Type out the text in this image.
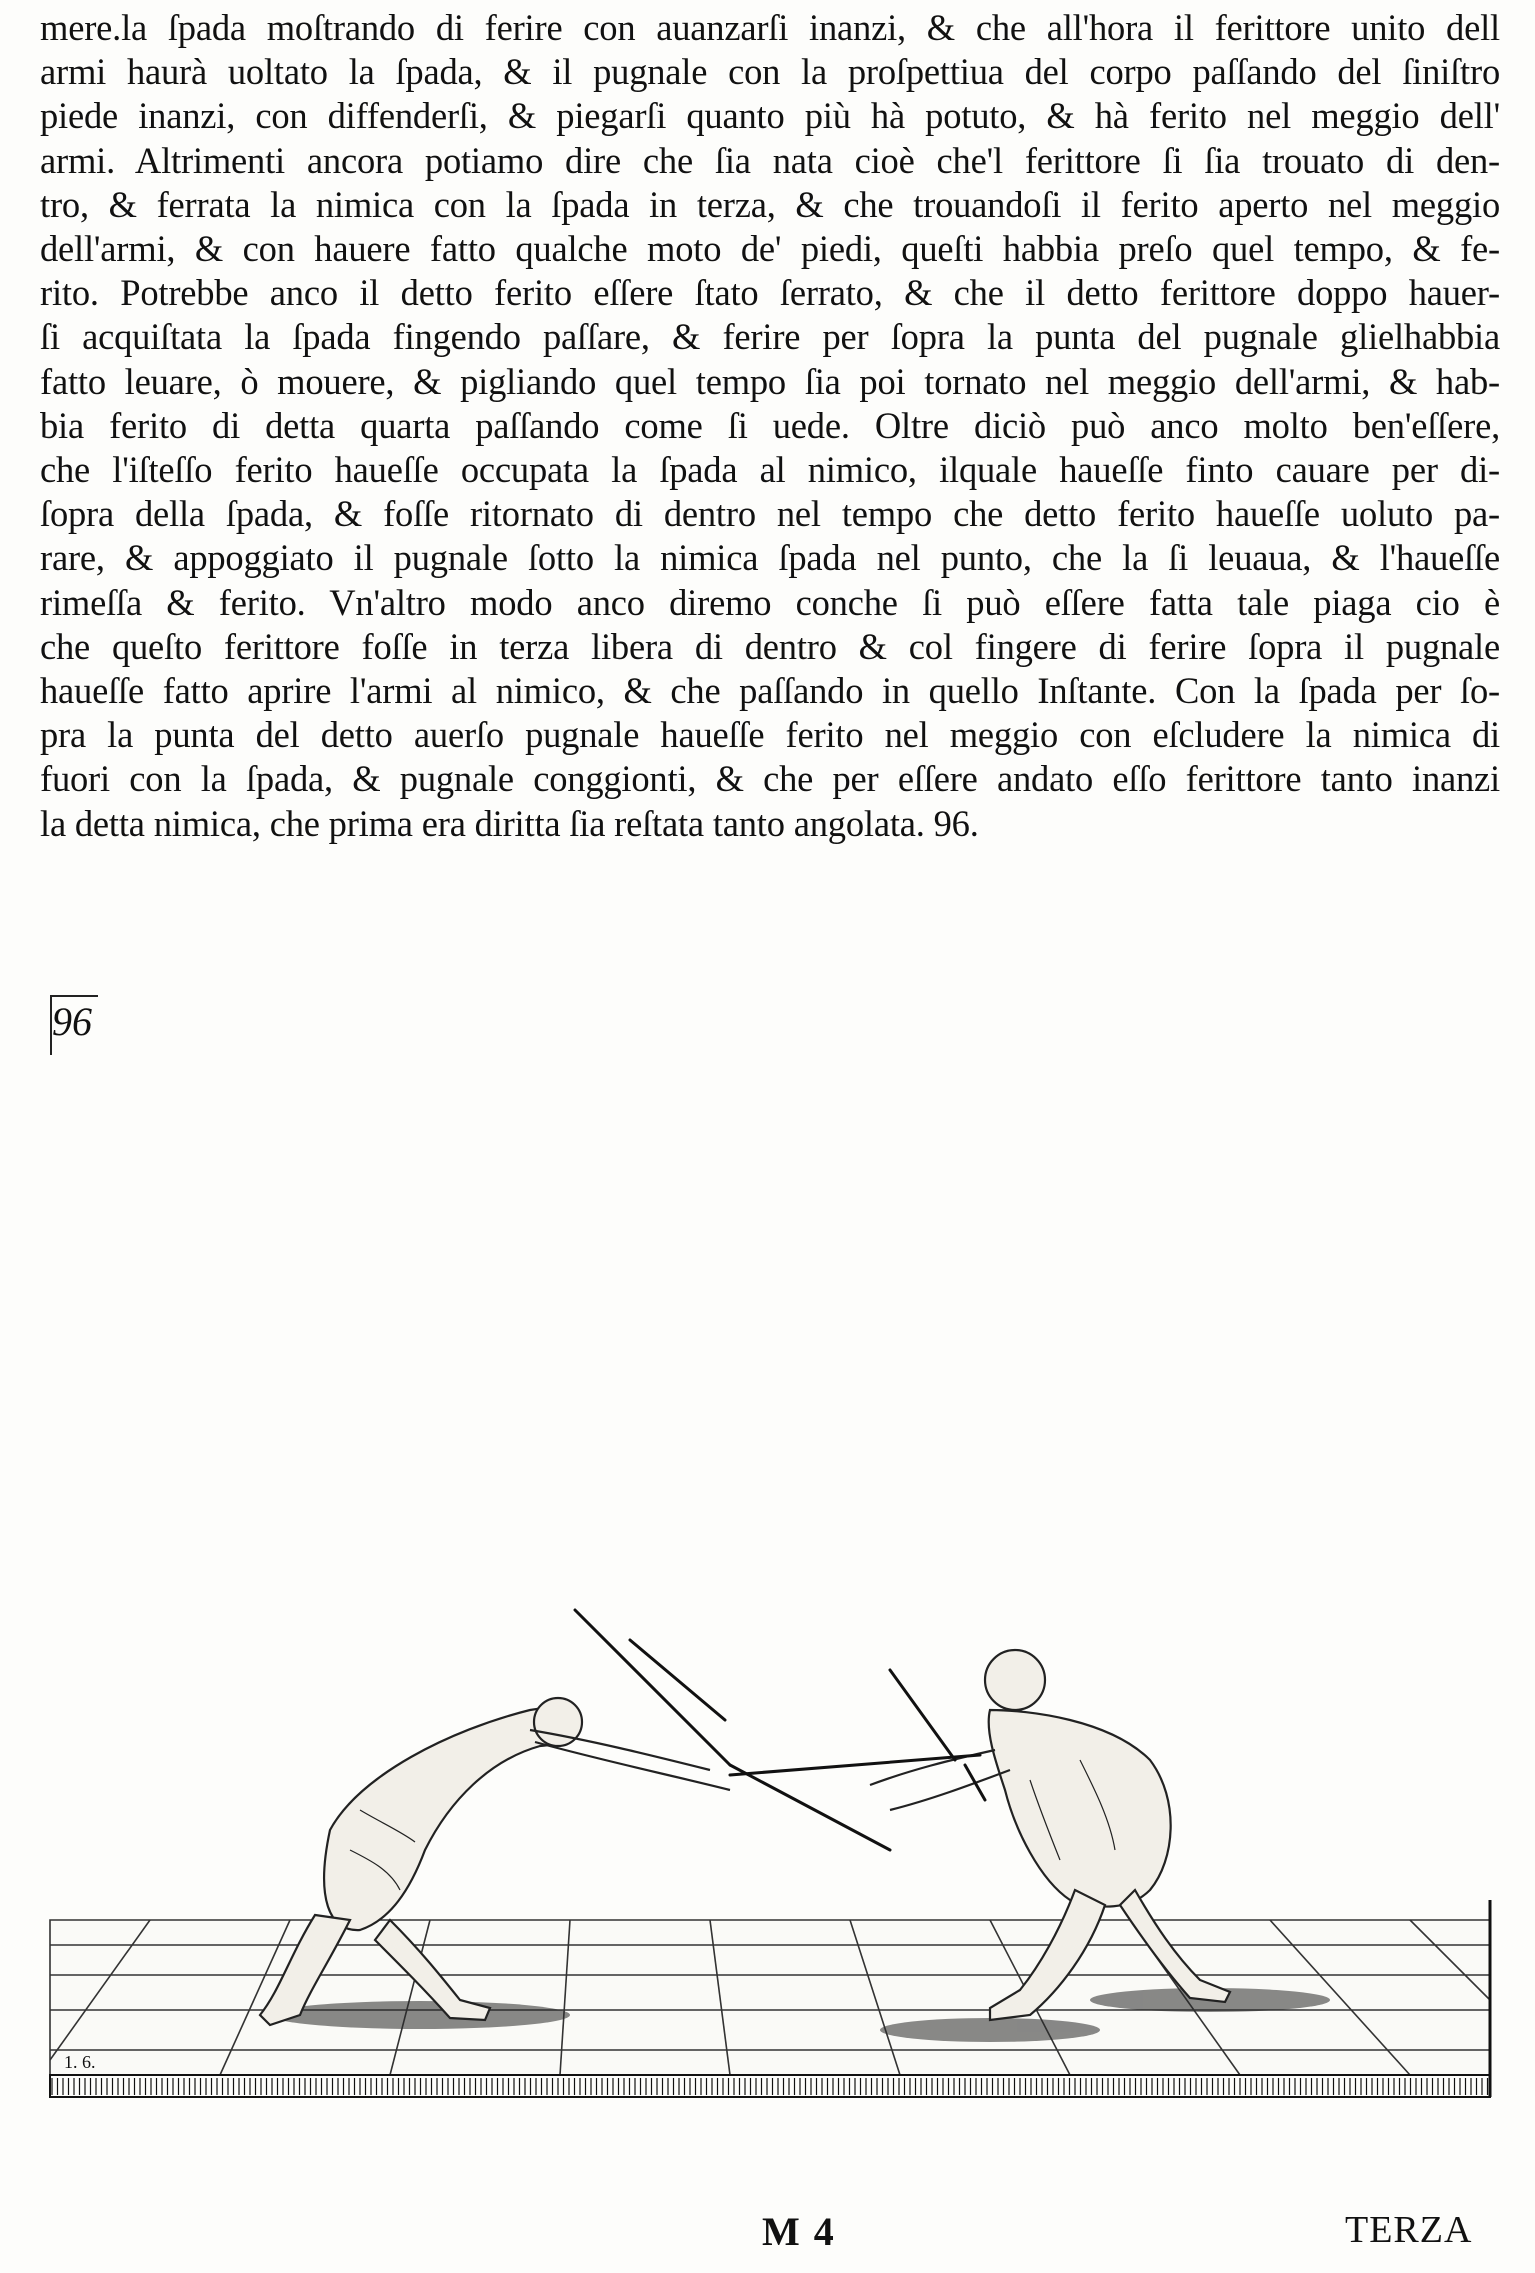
mere.la ſpada moſtrando di ferire con auanzarſi inanzi, & che all'hora il ferittore unito dell
armi haurà uoltato la ſpada, & il pugnale con la proſpettiua del corpo paſſando del ſiniſtro
piede inanzi, con diffenderſi, & piegarſi quanto più hà potuto, & hà ferito nel meggio dell'
armi. Altrimenti ancora potiamo dire che ſia nata cioè che'l ferittore ſi ſia trouato di den-
tro, & ferrata la nimica con la ſpada in terza, & che trouandoſi il ferito aperto nel meggio
dell'armi, & con hauere fatto qualche moto de' piedi, queſti habbia preſo quel tempo, & fe-
rito. Potrebbe anco il detto ferito eſſere ſtato ſerrato, & che il detto ferittore doppo hauer-
ſi acquiſtata la ſpada fingendo paſſare, & ferire per ſopra la punta del pugnale glielhabbia
fatto leuare, ò mouere, & pigliando quel tempo ſia poi tornato nel meggio dell'armi, & hab-
bia ferito di detta quarta paſſando come ſi uede. Oltre diciò può anco molto ben'eſſere,
che l'iſteſſo ferito haueſſe occupata la ſpada al nimico, ilquale haueſſe finto cauare per di-
ſopra della ſpada, & foſſe ritornato di dentro nel tempo che detto ferito haueſſe uoluto pa-
rare, & appoggiato il pugnale ſotto la nimica ſpada nel punto, che la ſi leuaua, & l'haueſſe
rimeſſa & ferito. Vn'altro modo anco diremo conche ſi può eſſere fatta tale piaga cio è
che queſto ferittore foſſe in terza libera di dentro & col fingere di ferire ſopra il pugnale
haueſſe fatto aprire l'armi al nimico, & che paſſando in quello Inſtante. Con la ſpada per ſo-
pra la punta del detto auerſo pugnale haueſſe ferito nel meggio con eſcludere la nimica di
fuori con la ſpada, & pugnale conggionti, & che per eſſere andato eſſo ferittore tanto inanzi
la detta nimica, che prima era diritta ſia reſtata tanto angolata. 96.
96
1. 6.
M 4	TERZA
